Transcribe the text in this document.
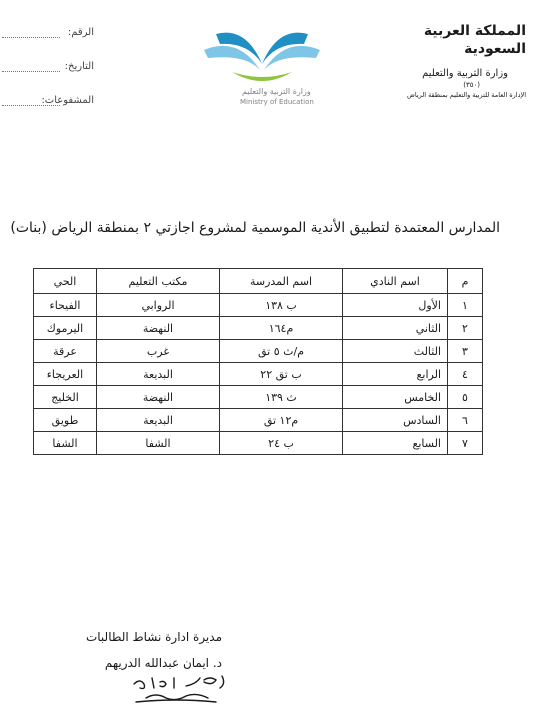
المملكة العربية السعودية
وزارة التربية والتعليم
(٣٥٠)
الإدارة العامة للتربية والتعليم بمنطقة الرياض
وزارة التربية والتعليم
Ministry of Education
الرقم:
التاريخ:
المشفوعات:
المدارس المعتمدة لتطبيق الأندية الموسمية لمشروع اجازتي ٢ بمنطقة الرياض (بنات)
م	اسم النادي	اسم المدرسة	مكتب التعليم	الحي
١	الأول	ب ١٣٨	الروابي	الفيحاء
٢	الثاني	م١٦٤	النهضة	اليرموك
٣	الثالث	م/ث ٥ تق	غرب	عرقة
٤	الرابع	ب تق ٢٢	البديعة	العريجاء
٥	الخامس	ث ١٣٩	النهضة	الخليج
٦	السادس	م١٢ تق	البديعة	طويق
٧	السابع	ب ٢٤	الشفا	الشفا
مديرة ادارة نشاط الطالبات
د. ايمان عبدالله الدريهم
